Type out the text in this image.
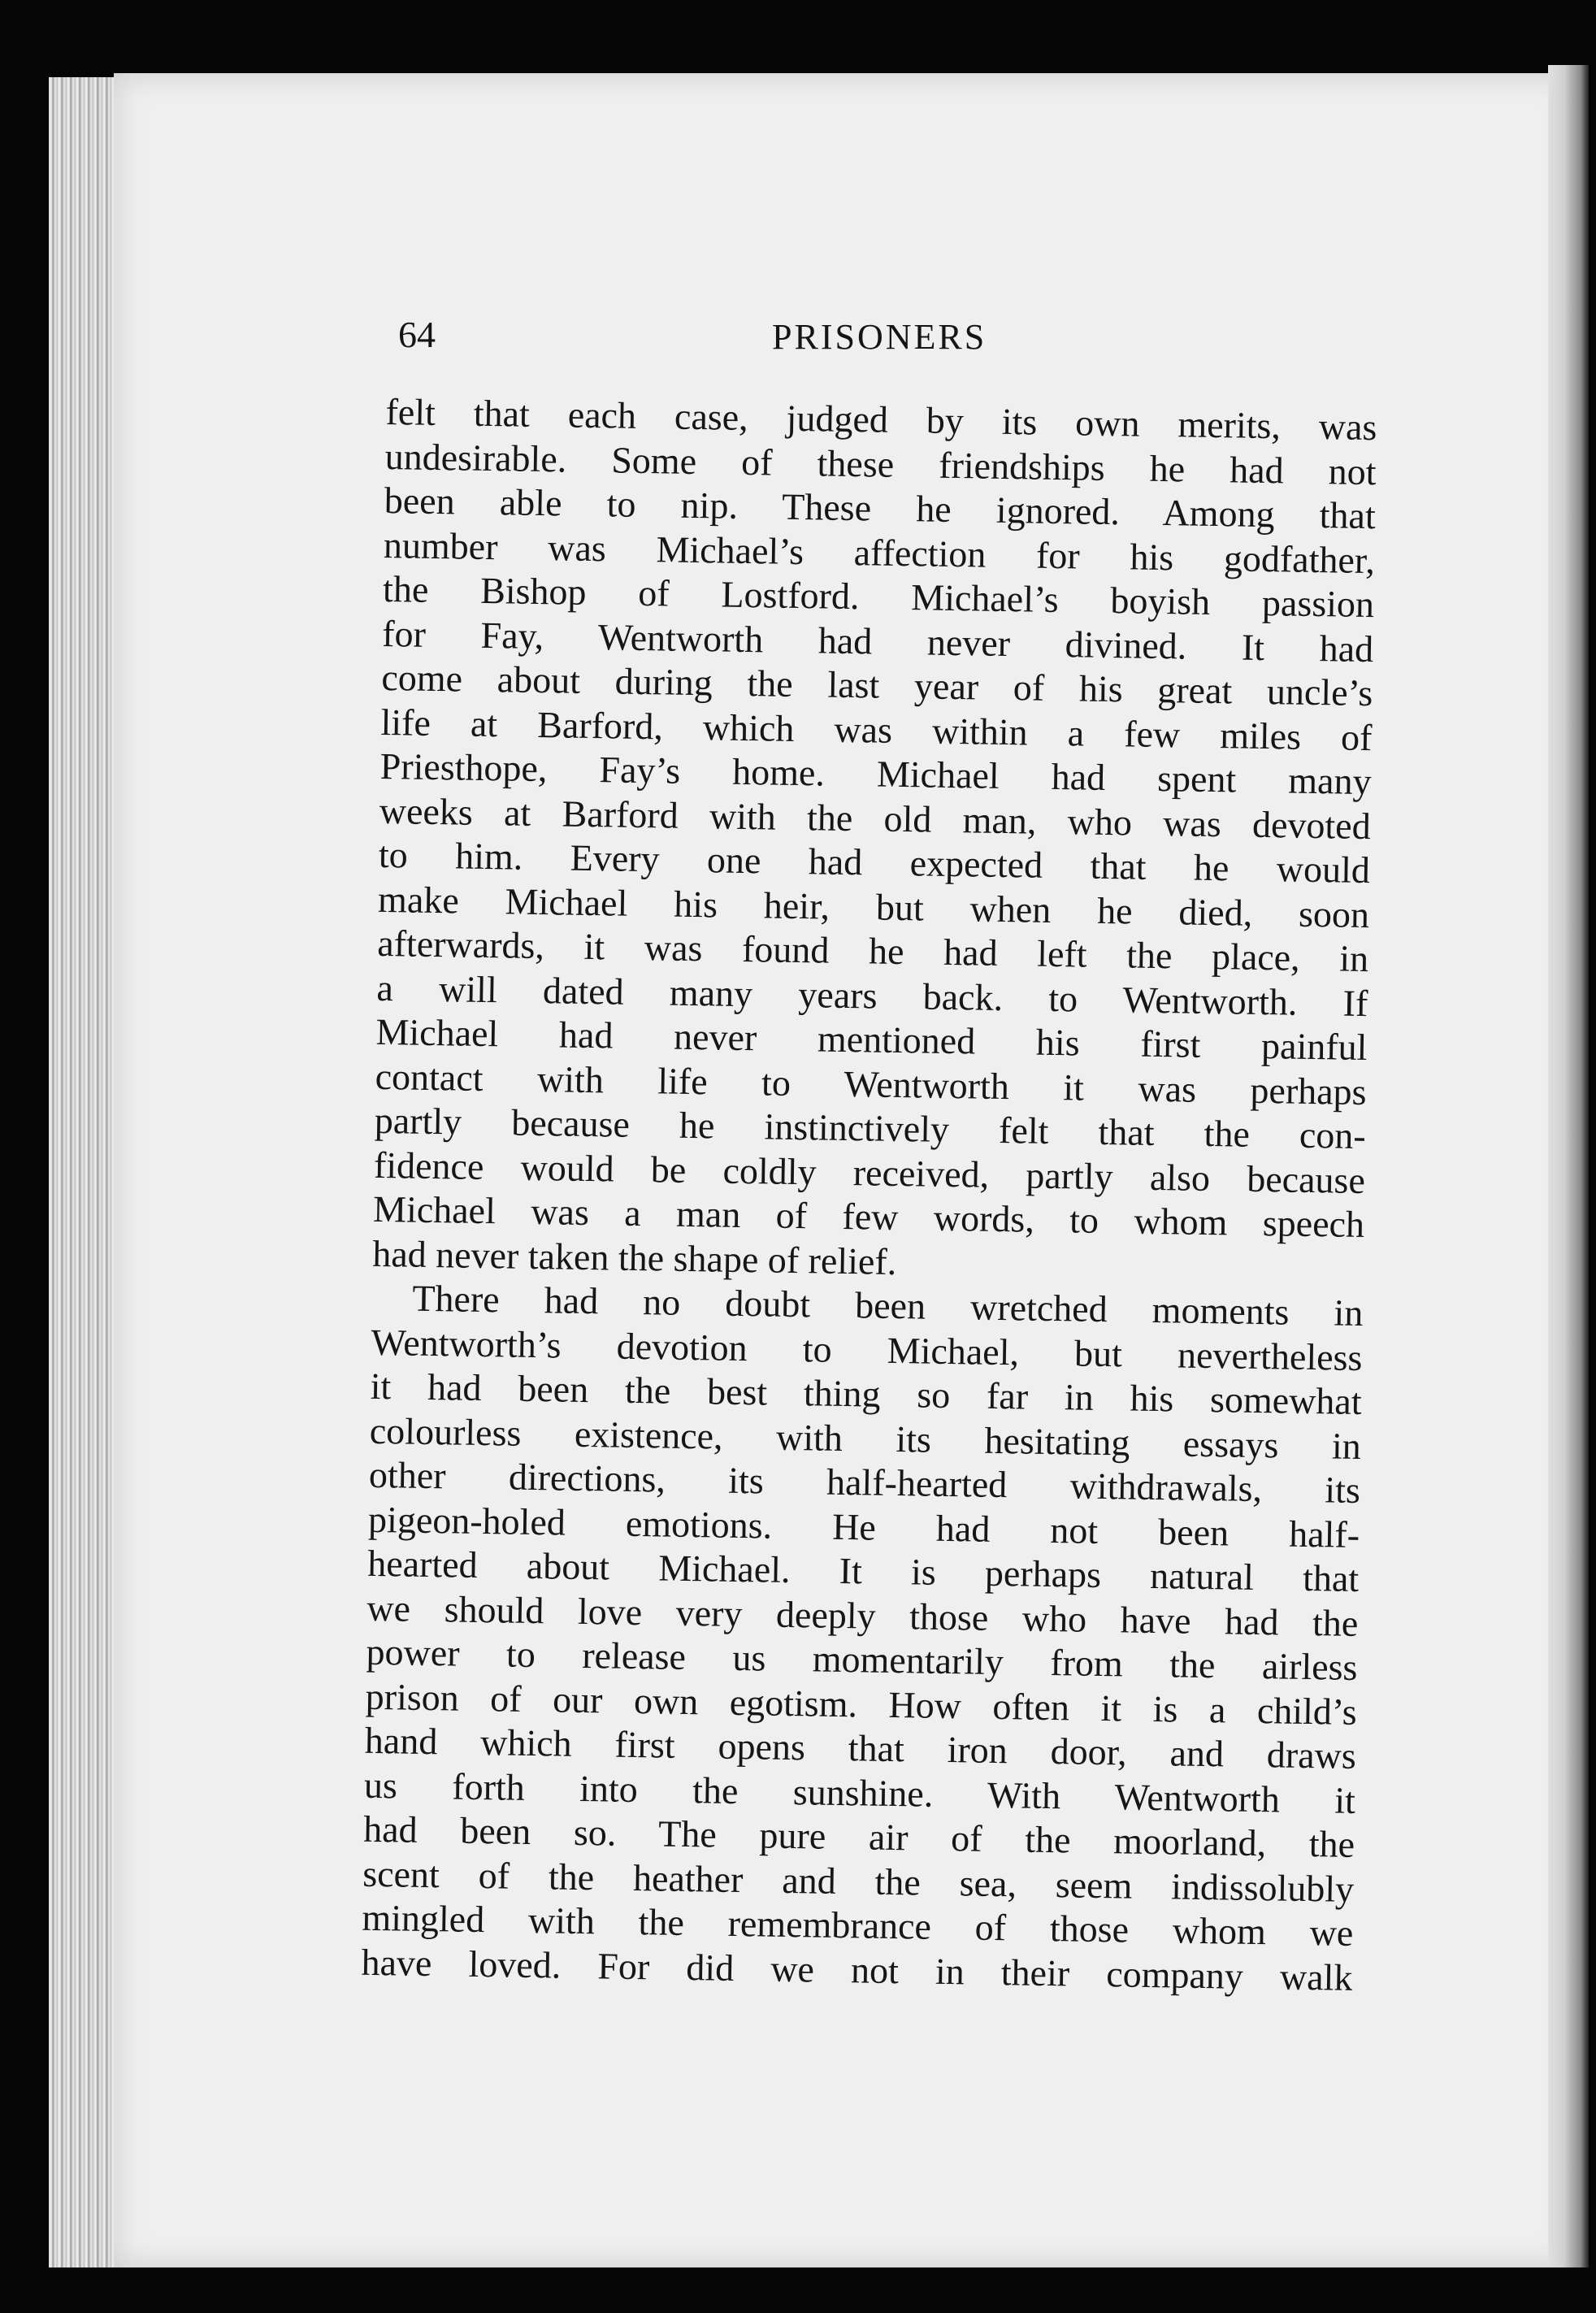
64	PRISONERS
felt that each case, judged by its own merits, was
undesirable. Some of these friendships he had not
been able to nip. These he ignored. Among that
number was Michael’s affection for his godfather,
the Bishop of Lostford. Michael’s boyish passion
for Fay, Wentworth had never divined. It had
come about during the last year of his great uncle’s
life at Barford, which was within a few miles of
Priesthope, Fay’s home. Michael had spent many
weeks at Barford with the old man, who was devoted
to him. Every one had expected that he would
make Michael his heir, but when he died, soon
afterwards, it was found he had left the place, in
a will dated many years back. to Wentworth. If
Michael had never mentioned his first painful
contact with life to Wentworth it was perhaps
partly because he instinctively felt that the con-
fidence would be coldly received, partly also because
Michael was a man of few words, to whom speech
had never taken the shape of relief.
There had no doubt been wretched moments in
Wentworth’s devotion to Michael, but nevertheless
it had been the best thing so far in his somewhat
colourless existence, with its hesitating essays in
other directions, its half-hearted withdrawals, its
pigeon-holed emotions. He had not been half-
hearted about Michael. It is perhaps natural that
we should love very deeply those who have had the
power to release us momentarily from the airless
prison of our own egotism. How often it is a child’s
hand which first opens that iron door, and draws
us forth into the sunshine. With Wentworth it
had been so. The pure air of the moorland, the
scent of the heather and the sea, seem indissolubly
mingled with the remembrance of those whom we
have loved. For did we not in their company walk
